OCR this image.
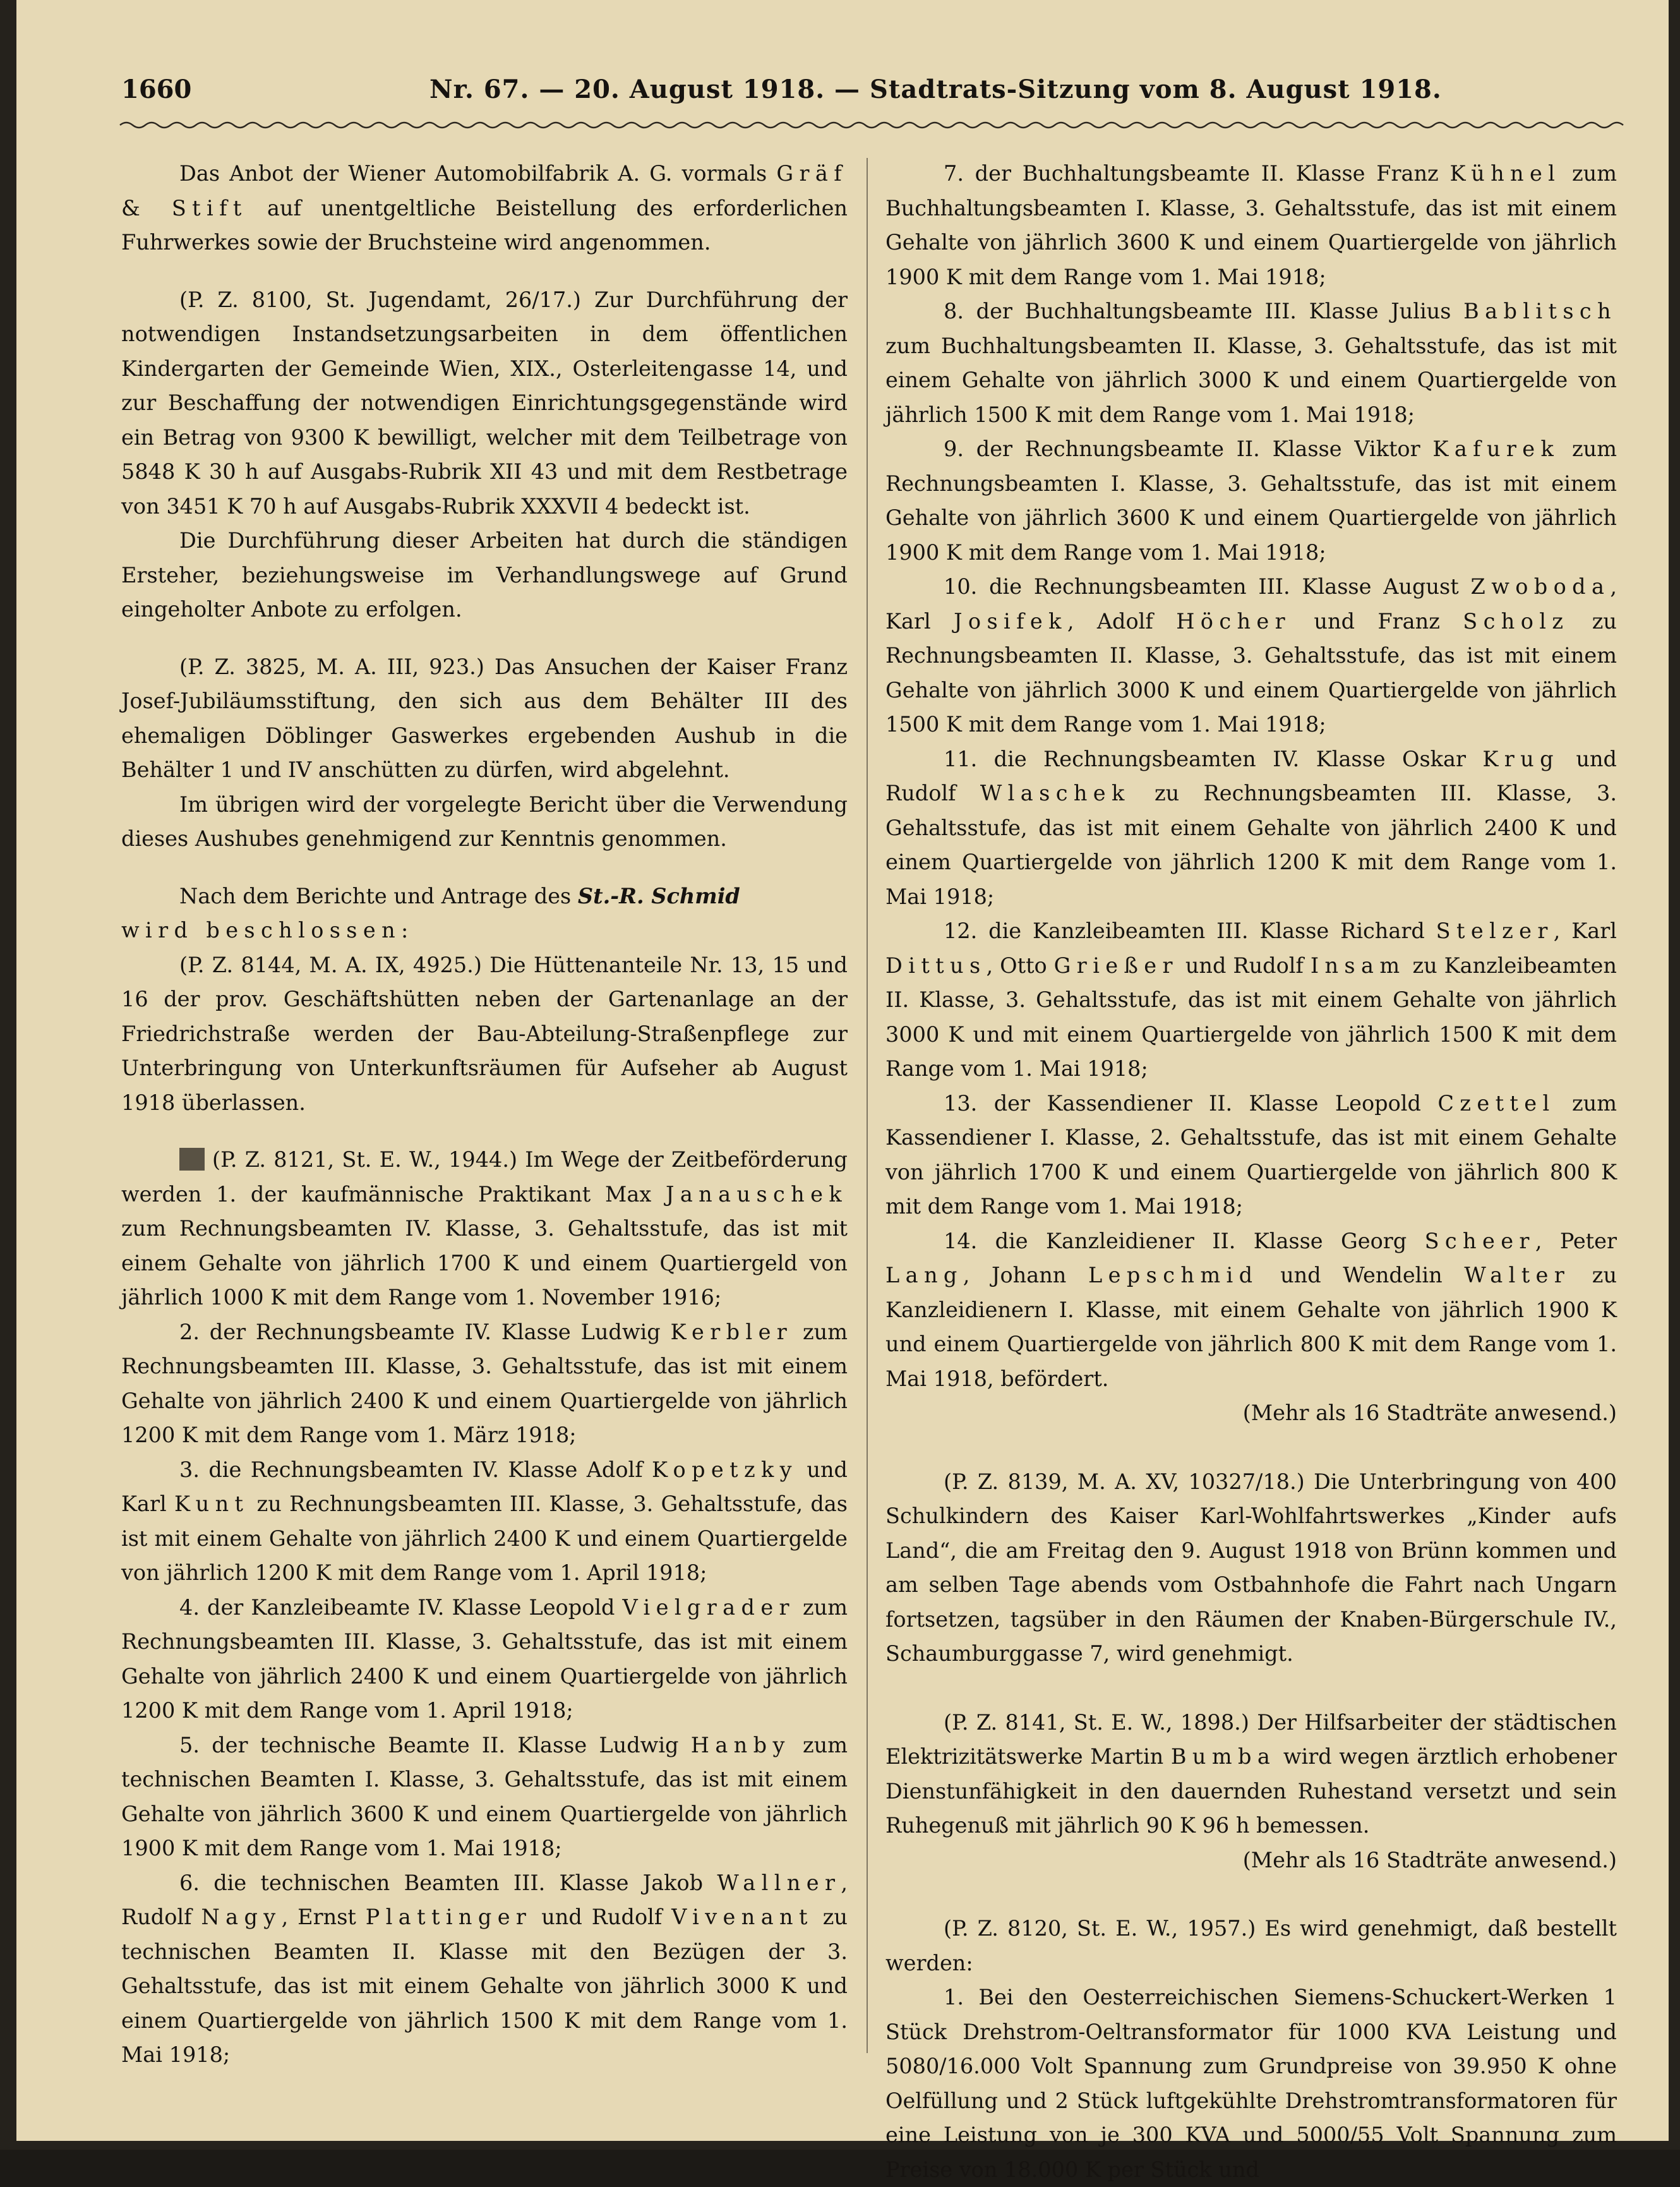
1660	Nr. 67. — 20. August 1918. — Stadtrats-Sitzung vom 8. August 1918.

Das Anbot der Wiener Automobilfabrik A. G. vormals Gräf & Stift auf unentgeltliche Beistellung des erforderlichen Fuhrwerkes sowie der Bruchsteine wird angenommen.

(P. Z. 8100, St. Jugendamt, 26/17.) Zur Durchführung der notwendigen Instandsetzungsarbeiten in dem öffentlichen Kindergarten der Gemeinde Wien, XIX., Osterleitengasse 14, und zur Beschaffung der notwendigen Einrichtungsgegenstände wird ein Betrag von 9300 K bewilligt, welcher mit dem Teilbetrage von 5848 K 30 h auf Ausgabs-Rubrik XII 43 und mit dem Restbetrage von 3451 K 70 h auf Ausgabs-Rubrik XXXVII 4 bedeckt ist.

Die Durchführung dieser Arbeiten hat durch die ständigen Ersteher, beziehungsweise im Verhandlungswege auf Grund eingeholter Anbote zu erfolgen.

(P. Z. 3825, M. A. III, 923.) Das Ansuchen der Kaiser Franz Josef-Jubiläumsstiftung, den sich aus dem Behälter III des ehemaligen Döblinger Gaswerkes ergebenden Aushub in die Behälter 1 und IV anschütten zu dürfen, wird abgelehnt.

Im übrigen wird der vorgelegte Bericht über die Verwendung dieses Aushubes genehmigend zur Kenntnis genommen.

Nach dem Berichte und Antrage des St.-R. Schmid
wird beschlossen:

(P. Z. 8144, M. A. IX, 4925.) Die Hüttenanteile Nr. 13, 15 und 16 der prov. Geschäftshütten neben der Gartenanlage an der Friedrichstraße werden der Bau-Abteilung-Straßenpflege zur Unterbringung von Unterkunftsräumen für Aufseher ab August 1918 überlassen.

(P. Z. 8121, St. E. W., 1944.) Im Wege der Zeitbeförderung werden 1. der kaufmännische Praktikant Max Janauschek zum Rechnungsbeamten IV. Klasse, 3. Gehaltsstufe, das ist mit einem Gehalte von jährlich 1700 K und einem Quartiergeld von jährlich 1000 K mit dem Range vom 1. November 1916;

2. der Rechnungsbeamte IV. Klasse Ludwig Kerbler zum Rechnungsbeamten III. Klasse, 3. Gehaltsstufe, das ist mit einem Gehalte von jährlich 2400 K und einem Quartiergelde von jährlich 1200 K mit dem Range vom 1. März 1918;

3. die Rechnungsbeamten IV. Klasse Adolf Kopetzky und Karl Kunt zu Rechnungsbeamten III. Klasse, 3. Gehaltsstufe, das ist mit einem Gehalte von jährlich 2400 K und einem Quartiergelde von jährlich 1200 K mit dem Range vom 1. April 1918;

4. der Kanzleibeamte IV. Klasse Leopold Vielgrader zum Rechnungsbeamten III. Klasse, 3. Gehaltsstufe, das ist mit einem Gehalte von jährlich 2400 K und einem Quartiergelde von jährlich 1200 K mit dem Range vom 1. April 1918;

5. der technische Beamte II. Klasse Ludwig Hanby zum technischen Beamten I. Klasse, 3. Gehaltsstufe, das ist mit einem Gehalte von jährlich 3600 K und einem Quartiergelde von jährlich 1900 K mit dem Range vom 1. Mai 1918;

6. die technischen Beamten III. Klasse Jakob Wallner, Rudolf Nagy, Ernst Plattinger und Rudolf Vivenant zu technischen Beamten II. Klasse mit den Bezügen der 3. Gehaltsstufe, das ist mit einem Gehalte von jährlich 3000 K und einem Quartiergelde von jährlich 1500 K mit dem Range vom 1. Mai 1918;

7. der Buchhaltungsbeamte II. Klasse Franz Kühnel zum Buchhaltungsbeamten I. Klasse, 3. Gehaltsstufe, das ist mit einem Gehalte von jährlich 3600 K und einem Quartiergelde von jährlich 1900 K mit dem Range vom 1. Mai 1918;

8. der Buchhaltungsbeamte III. Klasse Julius Bablitsch zum Buchhaltungsbeamten II. Klasse, 3. Gehaltsstufe, das ist mit einem Gehalte von jährlich 3000 K und einem Quartiergelde von jährlich 1500 K mit dem Range vom 1. Mai 1918;

9. der Rechnungsbeamte II. Klasse Viktor Kafurek zum Rechnungsbeamten I. Klasse, 3. Gehaltsstufe, das ist mit einem Gehalte von jährlich 3600 K und einem Quartiergelde von jährlich 1900 K mit dem Range vom 1. Mai 1918;

10. die Rechnungsbeamten III. Klasse August Zwoboda, Karl Josifek, Adolf Höcher und Franz Scholz zu Rechnungsbeamten II. Klasse, 3. Gehaltsstufe, das ist mit einem Gehalte von jährlich 3000 K und einem Quartiergelde von jährlich 1500 K mit dem Range vom 1. Mai 1918;

11. die Rechnungsbeamten IV. Klasse Oskar Krug und Rudolf Wlaschek zu Rechnungsbeamten III. Klasse, 3. Gehaltsstufe, das ist mit einem Gehalte von jährlich 2400 K und einem Quartiergelde von jährlich 1200 K mit dem Range vom 1. Mai 1918;

12. die Kanzleibeamten III. Klasse Richard Stelzer, Karl Dittus, Otto Grießer und Rudolf Insam zu Kanzleibeamten II. Klasse, 3. Gehaltsstufe, das ist mit einem Gehalte von jährlich 3000 K und mit einem Quartiergelde von jährlich 1500 K mit dem Range vom 1. Mai 1918;

13. der Kassendiener II. Klasse Leopold Czettel zum Kassendiener I. Klasse, 2. Gehaltsstufe, das ist mit einem Gehalte von jährlich 1700 K und einem Quartiergelde von jährlich 800 K mit dem Range vom 1. Mai 1918;

14. die Kanzleidiener II. Klasse Georg Scheer, Peter Lang, Johann Lepschmid und Wendelin Walter zu Kanzleidienern I. Klasse, mit einem Gehalte von jährlich 1900 K und einem Quartiergelde von jährlich 800 K mit dem Range vom 1. Mai 1918, befördert.

(Mehr als 16 Stadträte anwesend.)

(P. Z. 8139, M. A. XV, 10327/18.) Die Unterbringung von 400 Schulkindern des Kaiser Karl-Wohlfahrtswerkes „Kinder aufs Land“, die am Freitag den 9. August 1918 von Brünn kommen und am selben Tage abends vom Ostbahnhofe die Fahrt nach Ungarn fortsetzen, tagsüber in den Räumen der Knaben-Bürgerschule IV., Schaumburggasse 7, wird genehmigt.

(P. Z. 8141, St. E. W., 1898.) Der Hilfsarbeiter der städtischen Elektrizitätswerke Martin Bumba wird wegen ärztlich erhobener Dienstunfähigkeit in den dauernden Ruhestand versetzt und sein Ruhegenuß mit jährlich 90 K 96 h bemessen.

(Mehr als 16 Stadträte anwesend.)

(P. Z. 8120, St. E. W., 1957.) Es wird genehmigt, daß bestellt werden:

1. Bei den Oesterreichischen Siemens-Schuckert-Werken 1 Stück Drehstrom-Oeltransformator für 1000 KVA Leistung und 5080/16.000 Volt Spannung zum Grundpreise von 39.950 K ohne Oelfüllung und 2 Stück luftgekühlte Drehstromtransformatoren für eine Leistung von je 300 KVA und 5000/55 Volt Spannung zum Preise von 18.000 K per Stück und
